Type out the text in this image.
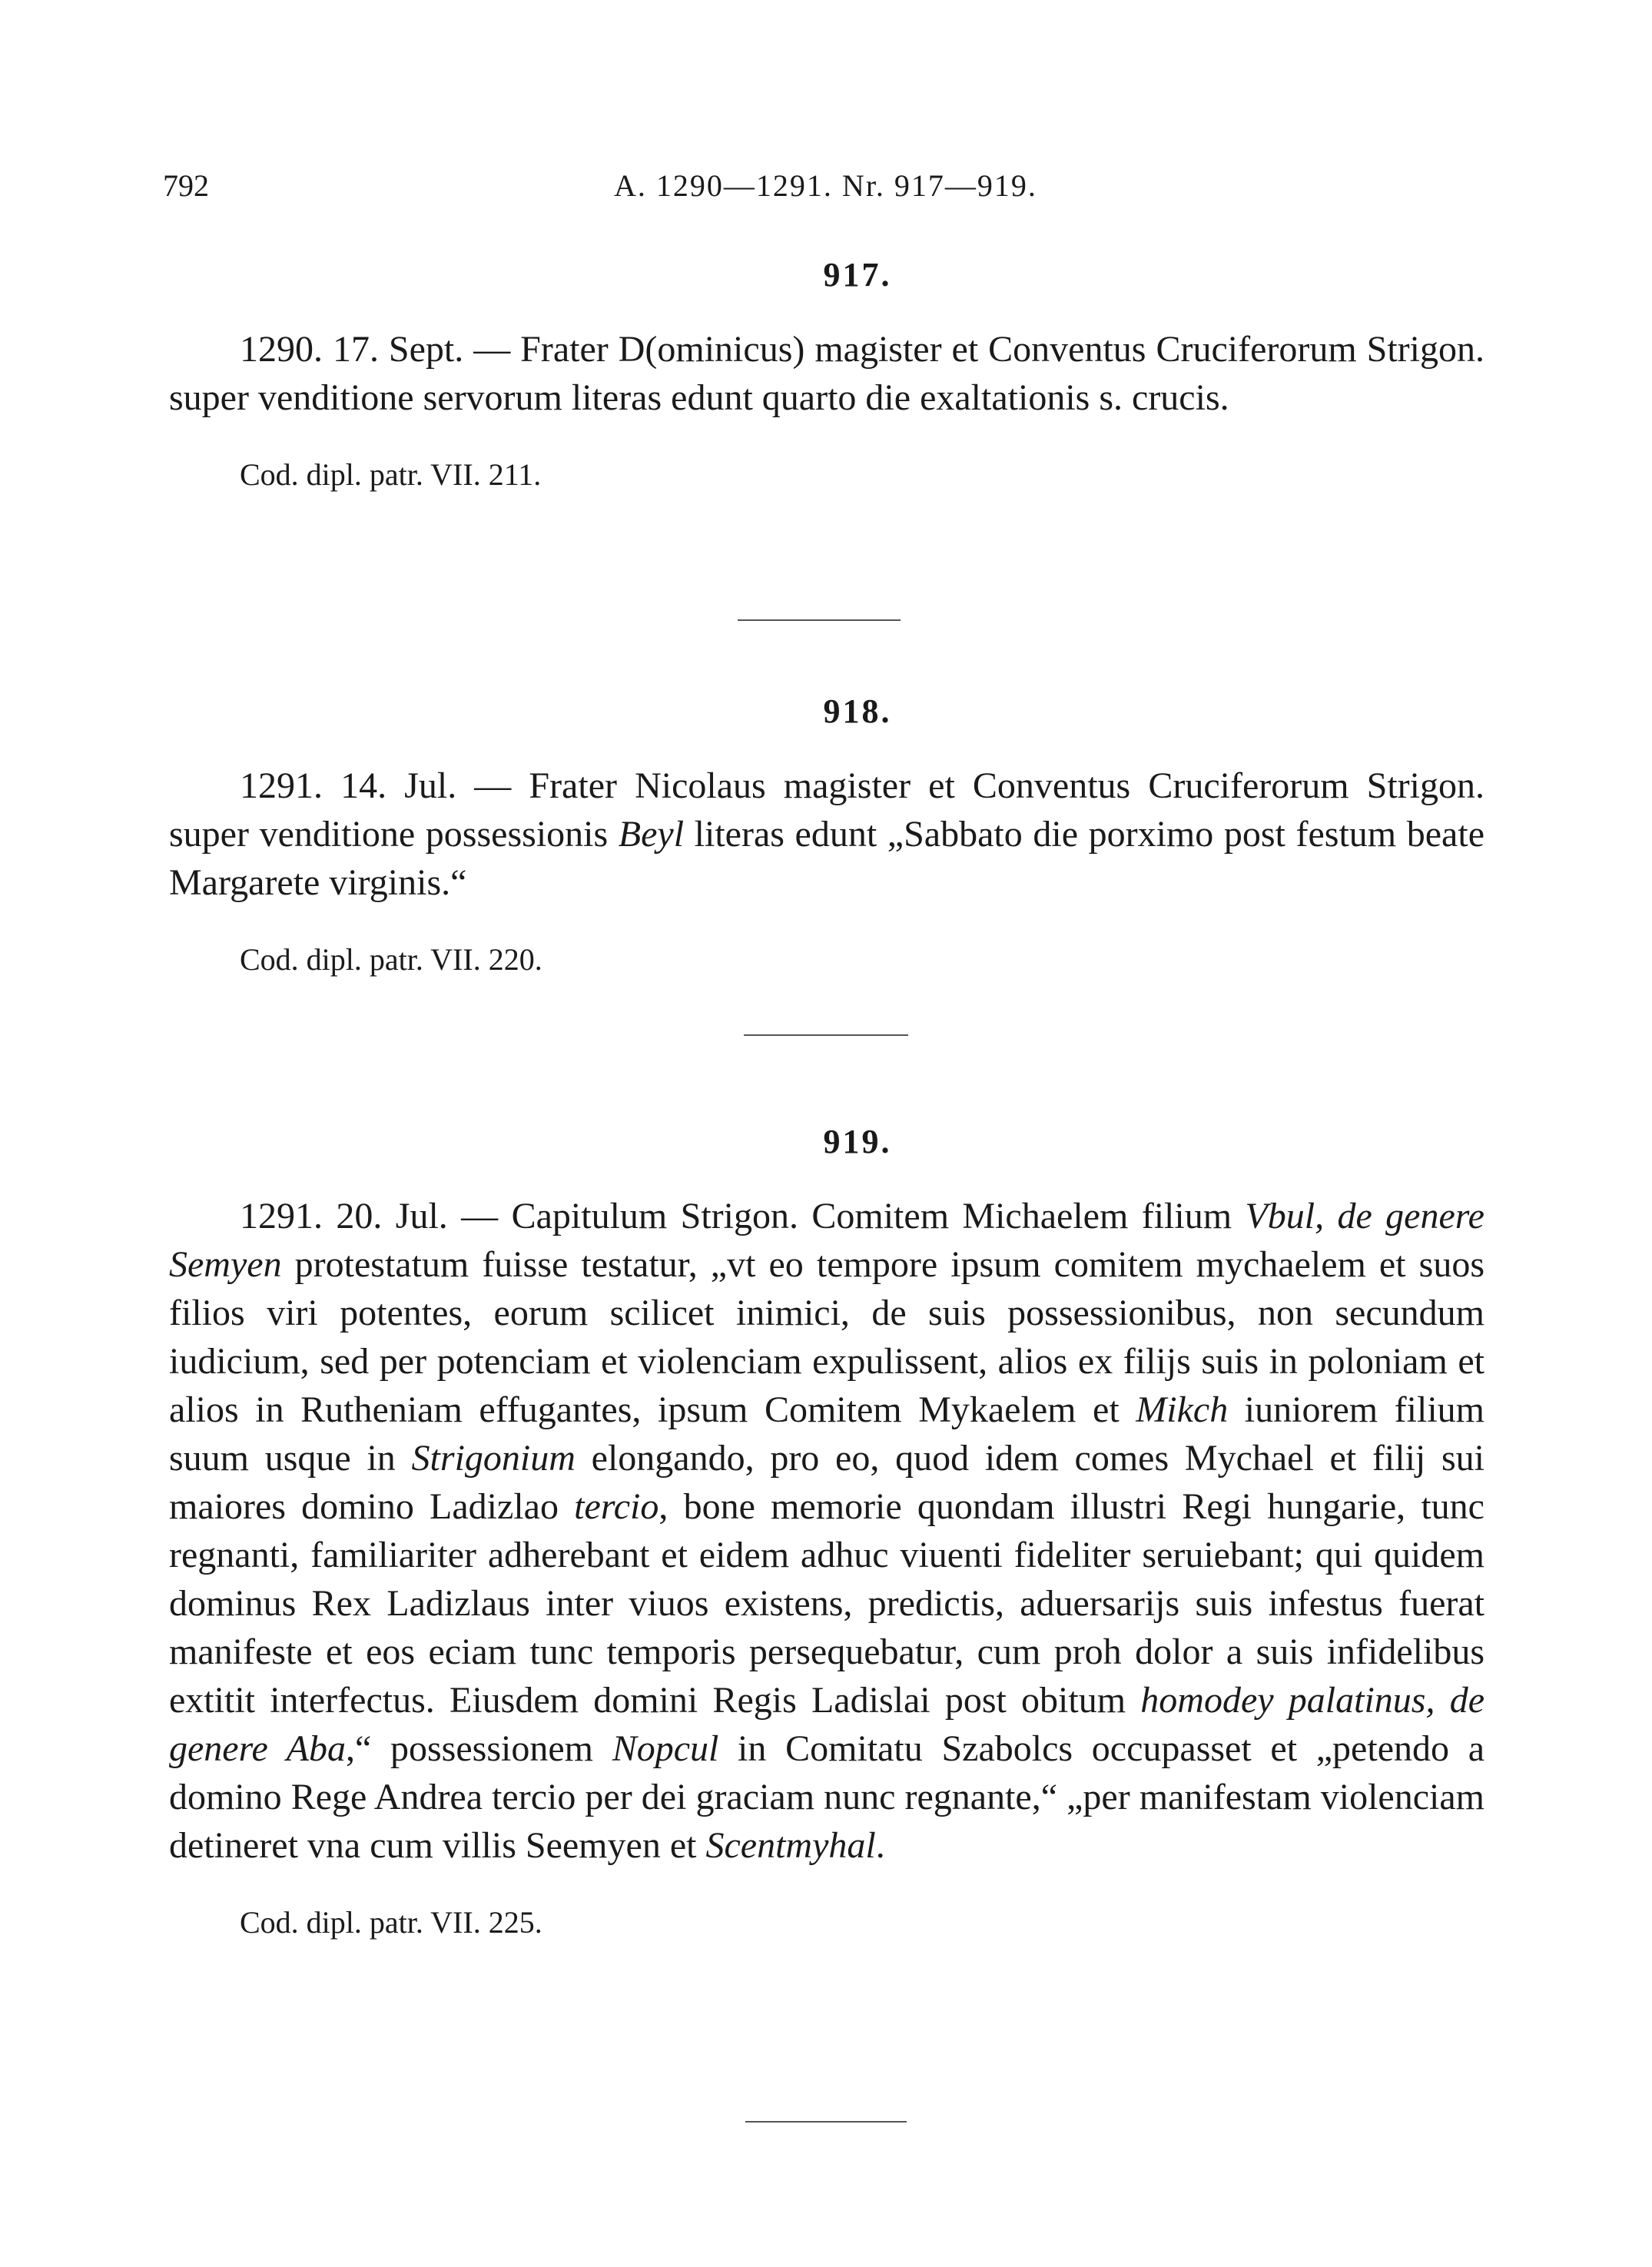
792	A. 1290—1291. Nr. 917—919.
917.

1290. 17. Sept. — Frater D(ominicus) magister et Conventus Cruciferorum Strigon. super venditione servorum literas edunt quarto die exaltationis s. crucis.

Cod. dipl. patr. VII. 211.
918.

1291. 14. Jul. — Frater Nicolaus magister et Conventus Cruciferorum Strigon. super venditione possessionis Beyl literas edunt „Sabbato die porximo post festum beate Margarete virginis.“

Cod. dipl. patr. VII. 220.
919.

1291. 20. Jul. — Capitulum Strigon. Comitem Michaelem filium Vbul, de genere Semyen protestatum fuisse testatur, „vt eo tempore ipsum comitem mychaelem et suos filios viri potentes, eorum scilicet inimici, de suis possessionibus, non secundum iudicium, sed per potenciam et violenciam expulissent, alios ex filijs suis in poloniam et alios in Rutheniam effugantes, ipsum Comitem Mykaelem et Mikch iuniorem filium suum usque in Strigonium elongando, pro eo, quod idem comes Mychael et filij sui maiores domino Ladizlao tercio, bone memorie quondam illustri Regi hungarie, tunc regnanti, familiariter adherebant et eidem adhuc viuenti fideliter seruiebant; qui quidem dominus Rex Ladizlaus inter viuos existens, predictis, aduersarijs suis infestus fuerat manifeste et eos eciam tunc temporis persequebatur, cum proh dolor a suis infidelibus extitit interfectus. Eiusdem domini Regis Ladislai post obitum homodey palatinus, de genere Aba,“ possessionem Nopcul in Comitatu Szabolcs occupasset et „petendo a domino Rege Andrea tercio per dei graciam nunc regnante,“ „per manifestam violenciam detineret vna cum villis Seemyen et Scentmyhal.

Cod. dipl. patr. VII. 225.
